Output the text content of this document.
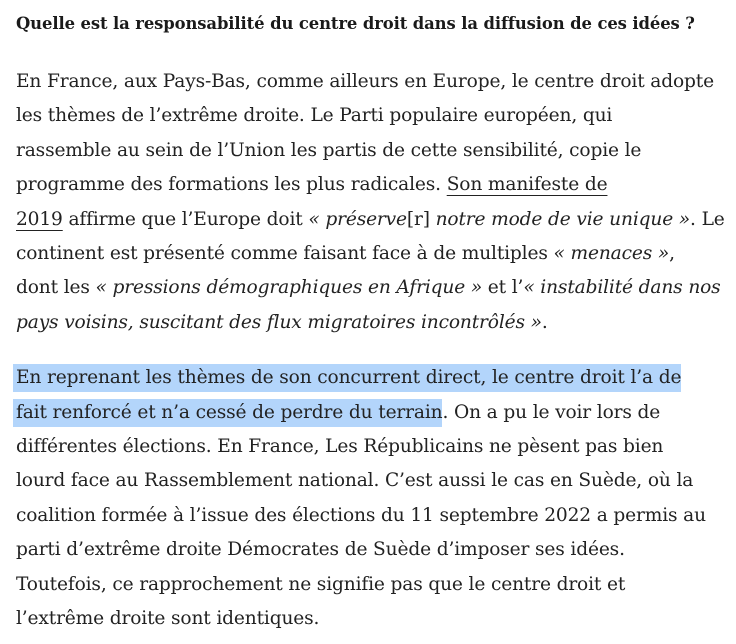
Quelle est la responsabilité du centre droit dans la diffusion de ces idées ?

En France, aux Pays-Bas, comme ailleurs en Europe, le centre droit adopte
les thèmes de l’extrême droite. Le Parti populaire européen, qui
rassemble au sein de l’Union les partis de cette sensibilité, copie le
programme des formations les plus radicales. Son manifeste de
2019 affirme que l’Europe doit « préserve[r] notre mode de vie unique ». Le
continent est présenté comme faisant face à de multiples « menaces »,
dont les « pressions démographiques en Afrique » et l’« instabilité dans nos
pays voisins, suscitant des flux migratoires incontrôlés ».

En reprenant les thèmes de son concurrent direct, le centre droit l’a de
fait renforcé et n’a cessé de perdre du terrain. On a pu le voir lors de
différentes élections. En France, Les Républicains ne pèsent pas bien
lourd face au Rassemblement national. C’est aussi le cas en Suède, où la
coalition formée à l’issue des élections du 11 septembre 2022 a permis au
parti d’extrême droite Démocrates de Suède d’imposer ses idées.
Toutefois, ce rapprochement ne signifie pas que le centre droit et
l’extrême droite sont identiques.
